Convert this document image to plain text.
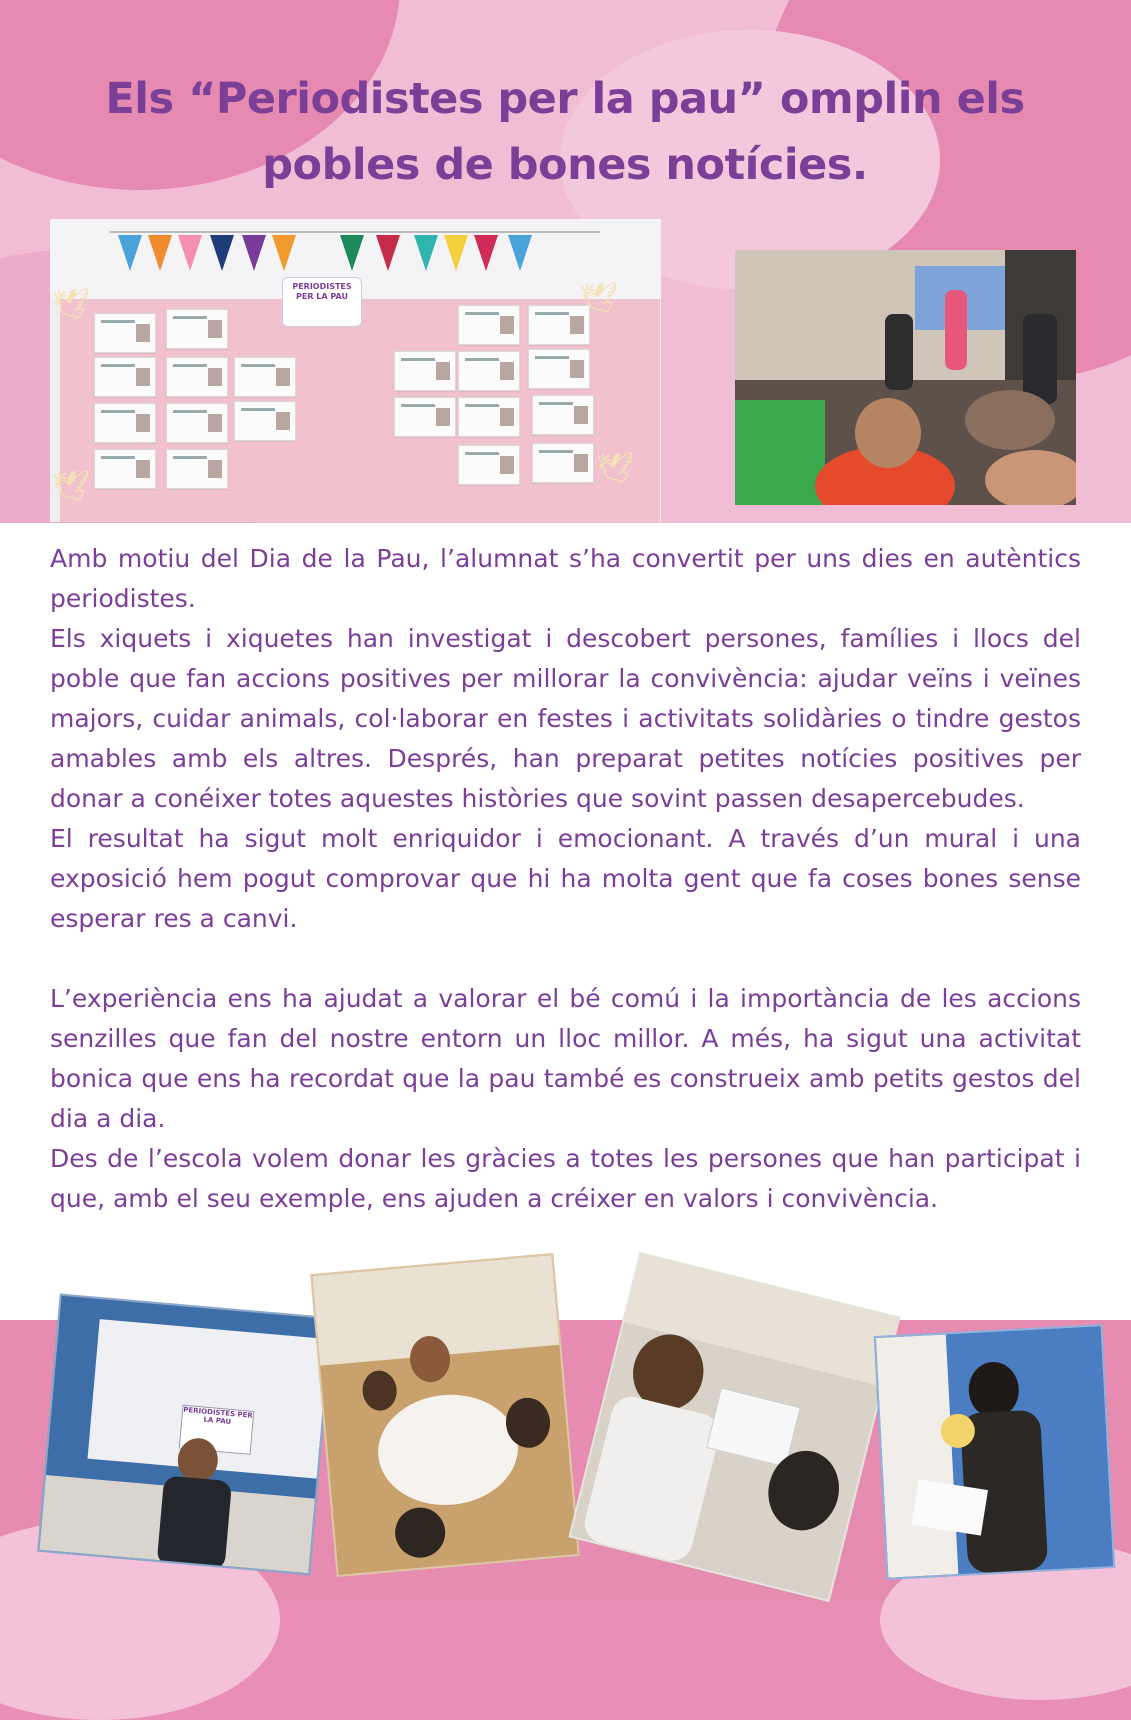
Els “Periodistes per la pau” omplin els
pobles de bones notícies.
PERIODISTES PER LA PAU
🕊	🕊
🕊
🕊

Amb motiu del Dia de la Pau, l’alumnat s’ha convertit per uns dies en autèntics periodistes.

Els xiquets i xiquetes han investigat i descobert persones, famílies i llocs del poble que fan accions positives per millorar la convivència: ajudar veïns i veïnes majors, cuidar animals, col·laborar en festes i activitats solidàries o tindre gestos amables amb els altres. Després, han preparat petites notícies positives per donar a conéixer totes aquestes històries que sovint passen desapercebudes.

El resultat ha sigut molt enriquidor i emocionant. A través d’un mural i una exposició hem pogut comprovar que hi ha molta gent que fa coses bones sense esperar res a canvi.

L’experiència ens ha ajudat a valorar el bé comú i la importància de les accions senzilles que fan del nostre entorn un lloc millor. A més, ha sigut una activitat bonica que ens ha recordat que la pau també es construeix amb petits gestos del dia a dia.

Des de l’escola volem donar les gràcies a totes les persones que han participat i que, amb el seu exemple, ens ajuden a créixer en valors i convivència.

PERIODISTES PER LA PAU
